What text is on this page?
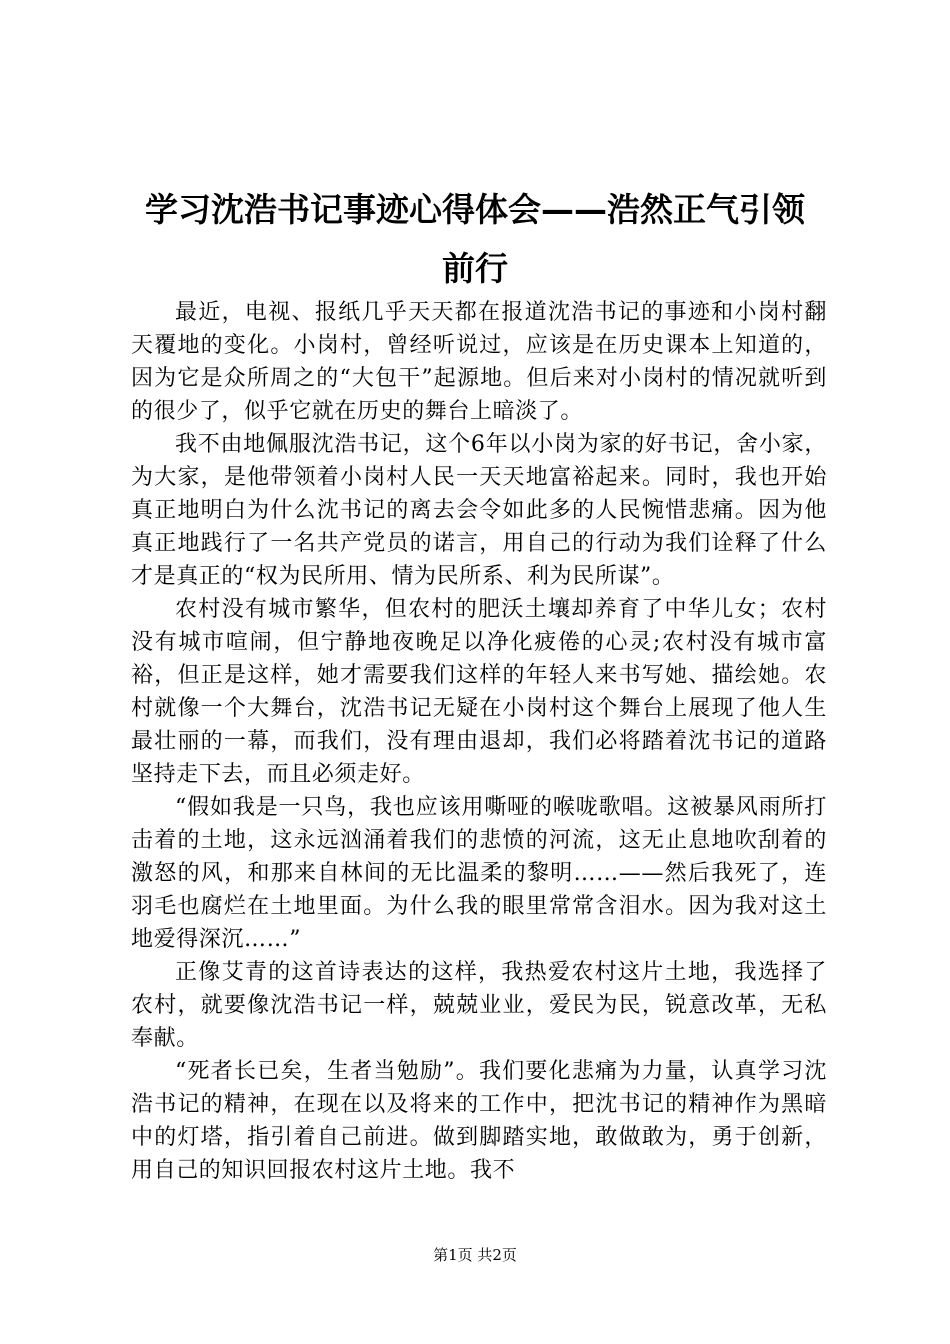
学习沈浩书记事迹心得体会——浩然正气引领
前行

最近，电视、报纸几乎天天都在报道沈浩书记的事迹和小岗村翻天覆地的变化。小岗村，曾经听说过，应该是在历史课本上知道的，因为它是众所周之的“大包干”起源地。但后来对小岗村的情况就听到的很少了，似乎它就在历史的舞台上暗淡了。

我不由地佩服沈浩书记，这个6年以小岗为家的好书记，舍小家，为大家，是他带领着小岗村人民一天天地富裕起来。同时，我也开始真正地明白为什么沈书记的离去会令如此多的人民惋惜悲痛。因为他真正地践行了一名共产党员的诺言，用自己的行动为我们诠释了什么才是真正的“权为民所用、情为民所系、利为民所谋”。

农村没有城市繁华，但农村的肥沃土壤却养育了中华儿女；农村没有城市喧闹，但宁静地夜晚足以净化疲倦的心灵;农村没有城市富裕，但正是这样，她才需要我们这样的年轻人来书写她、描绘她。农村就像一个大舞台，沈浩书记无疑在小岗村这个舞台上展现了他人生最壮丽的一幕，而我们，没有理由退却，我们必将踏着沈书记的道路坚持走下去，而且必须走好。

“假如我是一只鸟，我也应该用嘶哑的喉咙歌唱。这被暴风雨所打击着的土地，这永远汹涌着我们的悲愤的河流，这无止息地吹刮着的激怒的风，和那来自林间的无比温柔的黎明……——然后我死了，连羽毛也腐烂在土地里面。为什么我的眼里常常含泪水。因为我对这土地爱得深沉……”

正像艾青的这首诗表达的这样，我热爱农村这片土地，我选择了农村，就要像沈浩书记一样，兢兢业业，爱民为民，锐意改革，无私奉献。

“死者长已矣，生者当勉励”。我们要化悲痛为力量，认真学习沈浩书记的精神，在现在以及将来的工作中，把沈书记的精神作为黑暗中的灯塔，指引着自己前进。做到脚踏实地，敢做敢为，勇于创新，用自己的知识回报农村这片土地。我不

第1页 共2页
